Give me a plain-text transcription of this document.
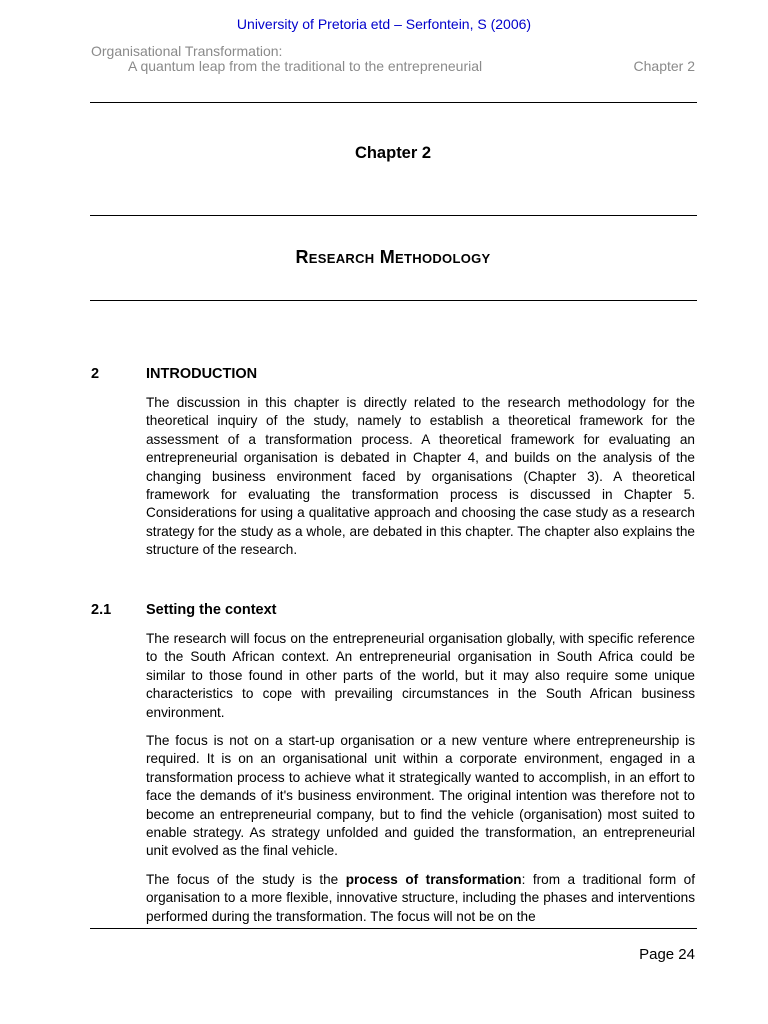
University of Pretoria etd – Serfontein, S (2006)
Organisational Transformation:
A quantum leap from the traditional to the entrepreneurial	Chapter 2
Chapter 2
Research Methodology
2	INTRODUCTION

The discussion in this chapter is directly related to the research methodology for the theoretical inquiry of the study, namely to establish a theoretical framework for the assessment of a transformation process. A theoretical framework for evaluating an entrepreneurial organisation is debated in Chapter 4, and builds on the analysis of the changing business environment faced by organisations (Chapter 3). A theoretical framework for evaluating the transformation process is discussed in Chapter 5. Considerations for using a qualitative approach and choosing the case study as a research strategy for the study as a whole, are debated in this chapter. The chapter also explains the structure of the research.

2.1 Setting the context

The research will focus on the entrepreneurial organisation globally, with specific reference to the South African context. An entrepreneurial organisation in South Africa could be similar to those found in other parts of the world, but it may also require some unique characteristics to cope with prevailing circumstances in the South African business environment.

The focus is not on a start-up organisation or a new venture where entrepreneurship is required. It is on an organisational unit within a corporate environment, engaged in a transformation process to achieve what it strategically wanted to accomplish, in an effort to face the demands of it's business environment. The original intention was therefore not to become an entrepreneurial company, but to find the vehicle (organisation) most suited to enable strategy. As strategy unfolded and guided the transformation, an entrepreneurial unit evolved as the final vehicle.

The focus of the study is the process of transformation: from a traditional form of organisation to a more flexible, innovative structure, including the phases and interventions performed during the transformation. The focus will not be on the

Page 24
